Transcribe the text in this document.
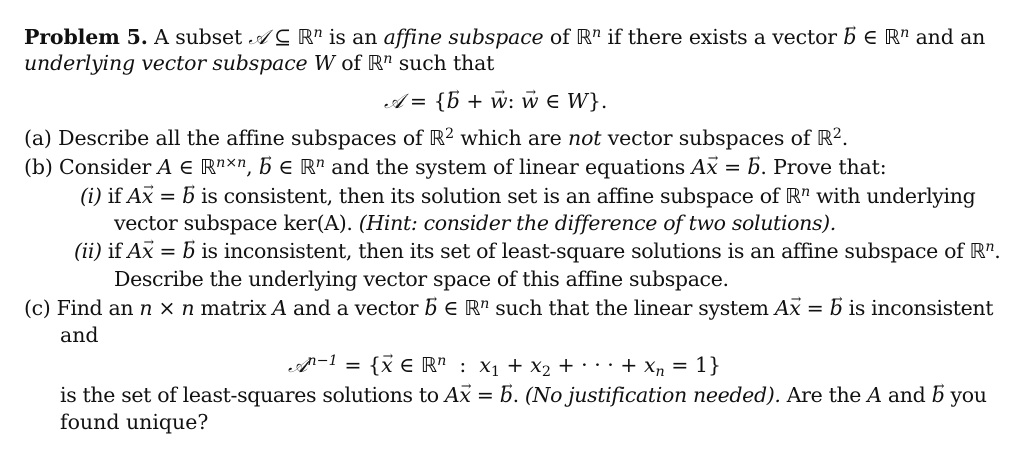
Problem 5. A subset 𝒜 ⊆ ℝ$^n$ is an affine subspace of ℝ$^n$ if there exists a vector b → ∈ ℝ$^n$ and an
underlying vector subspace W of ℝ$^n$ such that
𝒜 = {b → + w →: w → ∈ W}.
(a) Describe all the affine subspaces of ℝ$^2$ which are not vector subspaces of ℝ$^2$.
(b) Consider A ∈ ℝ$^{n\times n}$, b → ∈ ℝ$^n$ and the system of linear equations Ax → = b →. Prove that:
(i) if Ax → = b → is consistent, then its solution set is an affine subspace of ℝ$^n$ with underlying
vector subspace ker(A). (Hint: consider the difference of two solutions).
(ii) if Ax → = b → is inconsistent, then its set of least-square solutions is an affine subspace of ℝ$^n$.
Describe the underlying vector space of this affine subspace.
(c) Find an n × n matrix A and a vector b → ∈ ℝ$^n$ such that the linear system Ax → = b → is inconsistent
and
𝒜$^{n-1}$ = {x → ∈ ℝ$^n$  :  $x_1 + x_2$ + · · · + $x_n = 1$}
is the set of least-squares solutions to Ax → = b →. (No justification needed). Are the A and b → you
found unique?
